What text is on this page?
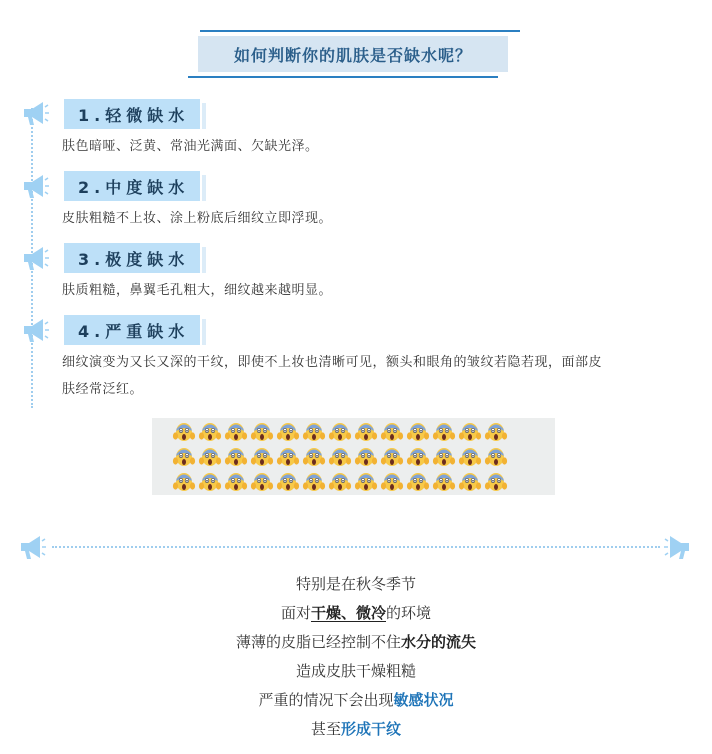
如何判断你的肌肤是否缺水呢？
1.轻微缺水
肤色暗哑、泛黄、常油光满面、欠缺光泽。
2.中度缺水
皮肤粗糙不上妆、涂上粉底后细纹立即浮现。
3.极度缺水
肤质粗糙，鼻翼毛孔粗大，细纹越来越明显。
4.严重缺水
细纹演变为又长又深的干纹，即使不上妆也清晰可见，额头和眼角的皱纹若隐若现，面部皮
肤经常泛红。
特别是在秋冬季节
面对干燥、微冷的环境
薄薄的皮脂已经控制不住水分的流失
造成皮肤干燥粗糙
严重的情况下会出现敏感状况
甚至形成干纹
